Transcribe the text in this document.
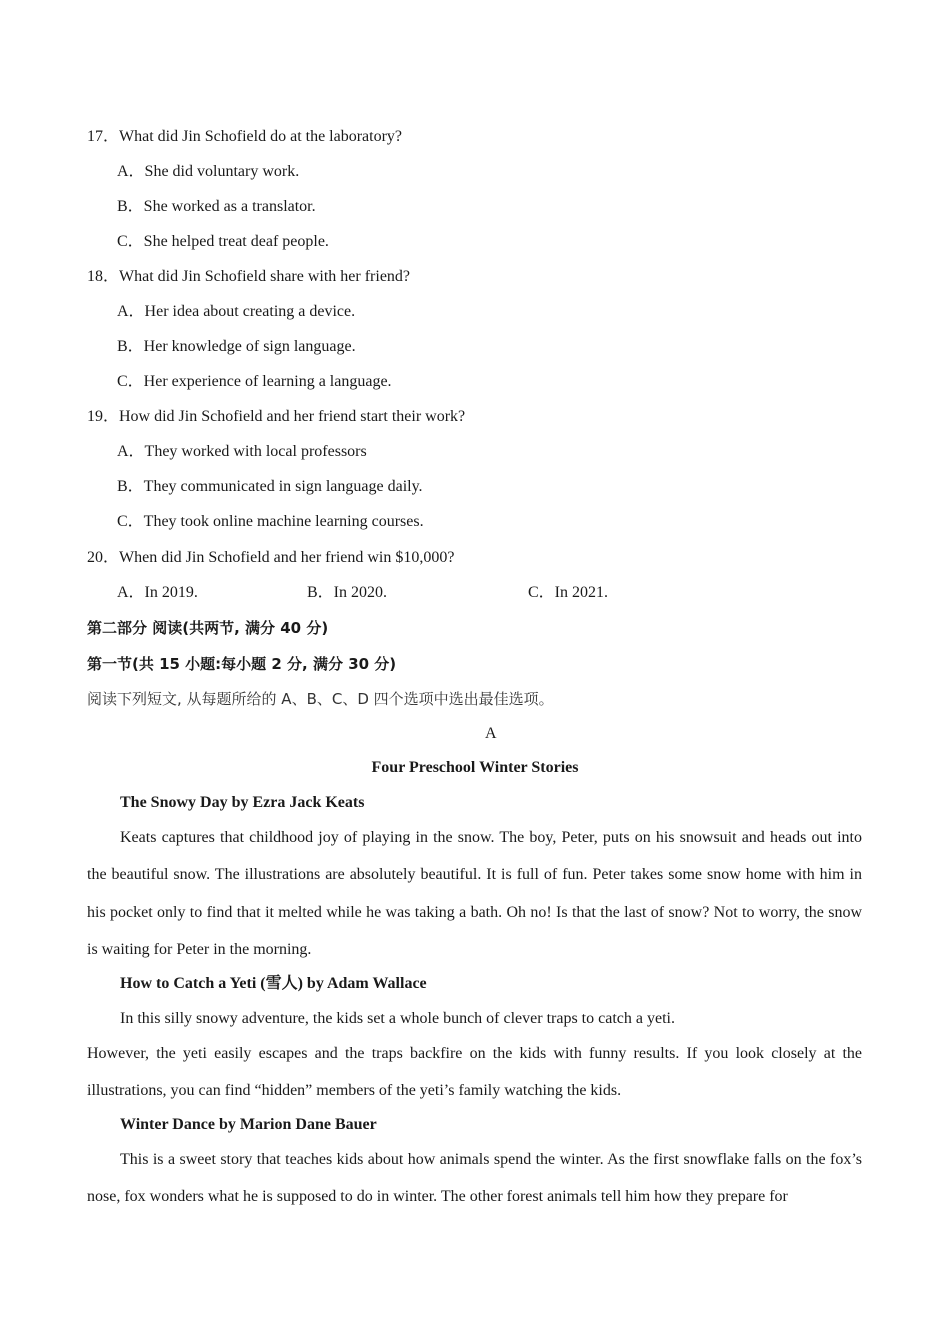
17．What did Jin Schofield do at the laboratory?
A．She did voluntary work.
B．She worked as a translator.
C．She helped treat deaf people.
18．What did Jin Schofield share with her friend?
A．Her idea about creating a device.
B．Her knowledge of sign language.
C．Her experience of learning a language.
19．How did Jin Schofield and her friend start their work?
A．They worked with local professors
B．They communicated in sign language daily.
C．They took online machine learning courses.
20．When did Jin Schofield and her friend win $10,000?
A．In 2019.	B．In 2020.	C．In 2021.
第二部分 阅读(共两节, 满分 40 分)
第一节(共 15 小题:每小题 2 分, 满分 30 分)
阅读下列短文, 从每题所给的 A、B、C、D 四个选项中选出最佳选项。
A
Four Preschool Winter Stories
The Snowy Day by Ezra Jack Keats
Keats captures that childhood joy of playing in the snow. The boy, Peter, puts on his snowsuit and heads out into the beautiful snow. The illustrations are absolutely beautiful. It is full of fun. Peter takes some snow home with him in his pocket only to find that it melted while he was taking a bath. Oh no! Is that the last of snow? Not to worry, the snow is waiting for Peter in the morning.
How to Catch a Yeti (雪人) by Adam Wallace
In this silly snowy adventure, the kids set a whole bunch of clever traps to catch a yeti.
However, the yeti easily escapes and the traps backfire on the kids with funny results. If you look closely at the illustrations, you can find “hidden” members of the yeti’s family watching the kids.
Winter Dance by Marion Dane Bauer
This is a sweet story that teaches kids about how animals spend the winter. As the first snowflake falls on the fox’s nose, fox wonders what he is supposed to do in winter. The other forest animals tell him how they prepare for
